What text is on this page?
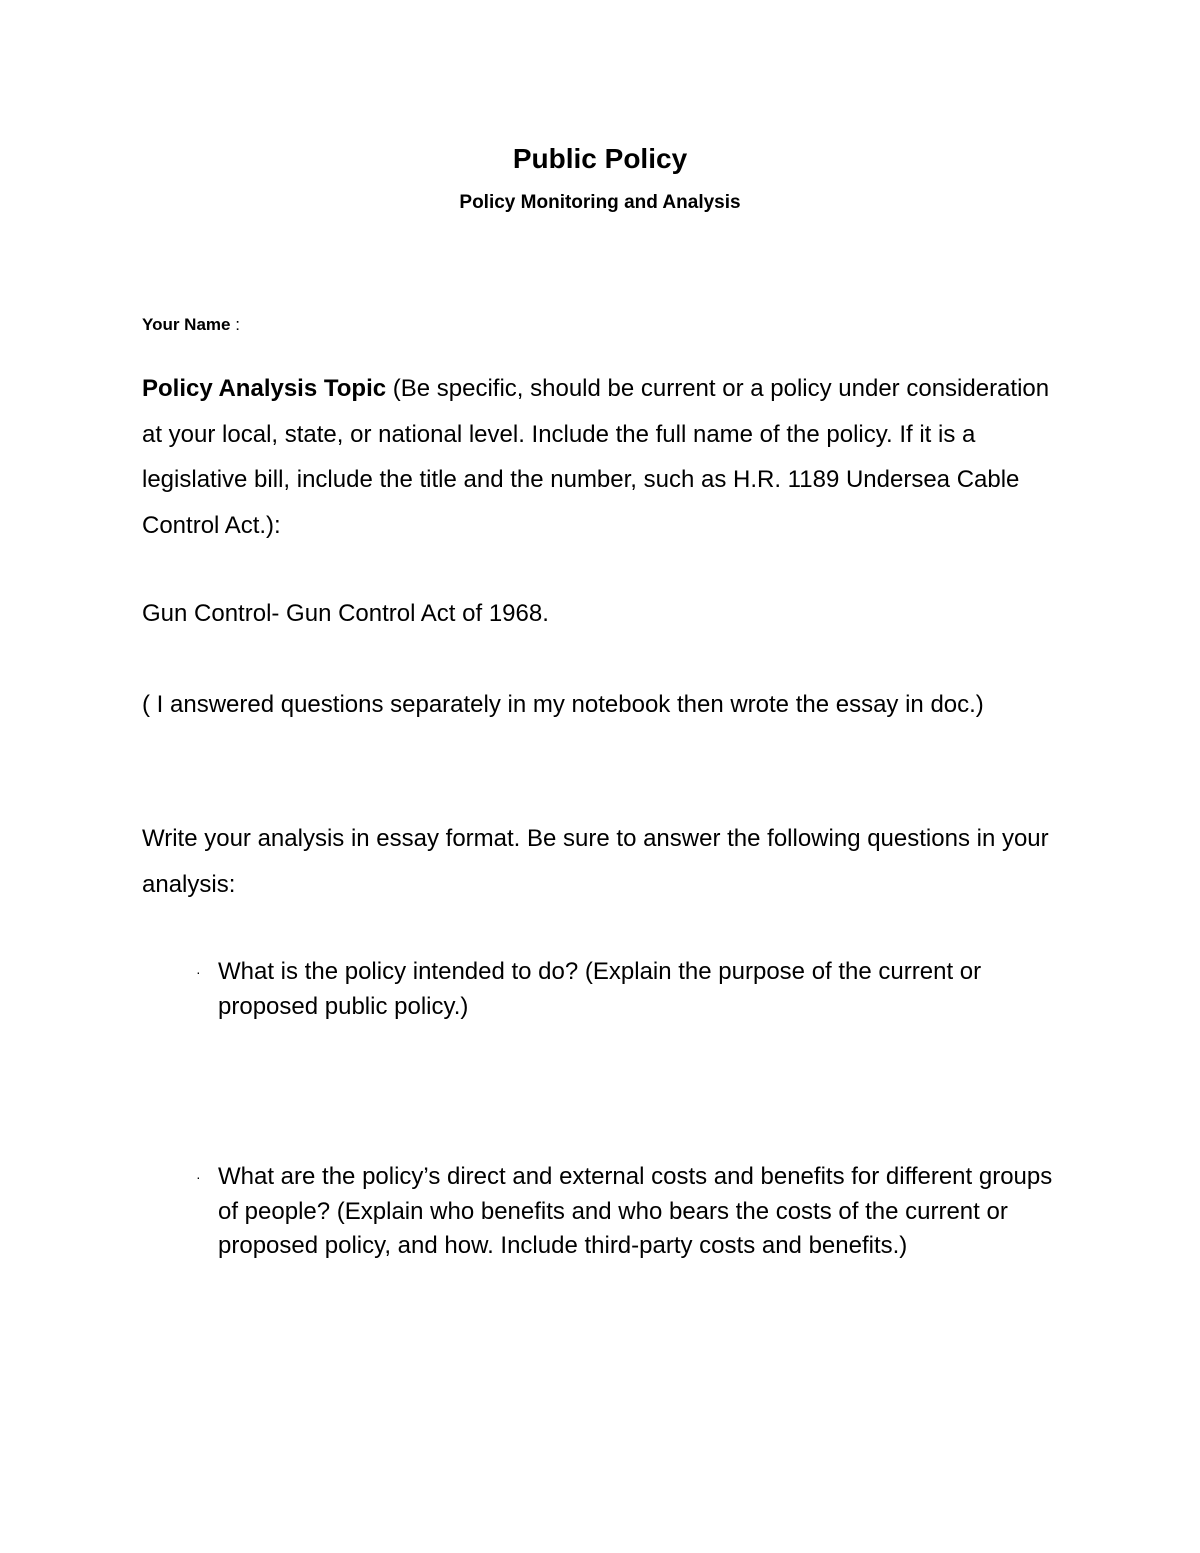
Public Policy
Policy Monitoring and Analysis
Your Name :

Policy Analysis Topic (Be specific, should be current or a policy under consideration at your local, state, or national level. Include the full name of the policy. If it is a legislative bill, include the title and the number, such as H.R. 1189 Undersea Cable Control Act.):

Gun Control- Gun Control Act of 1968.

( I answered questions separately in my notebook then wrote the essay in doc.)

Write your analysis in essay format. Be sure to answer the following questions in your analysis:

· What is the policy intended to do? (Explain the purpose of the current or proposed public policy.)
· What are the policy’s direct and external costs and benefits for different groups of people? (Explain who benefits and who bears the costs of the current or proposed policy, and how. Include third-party costs and benefits.)
